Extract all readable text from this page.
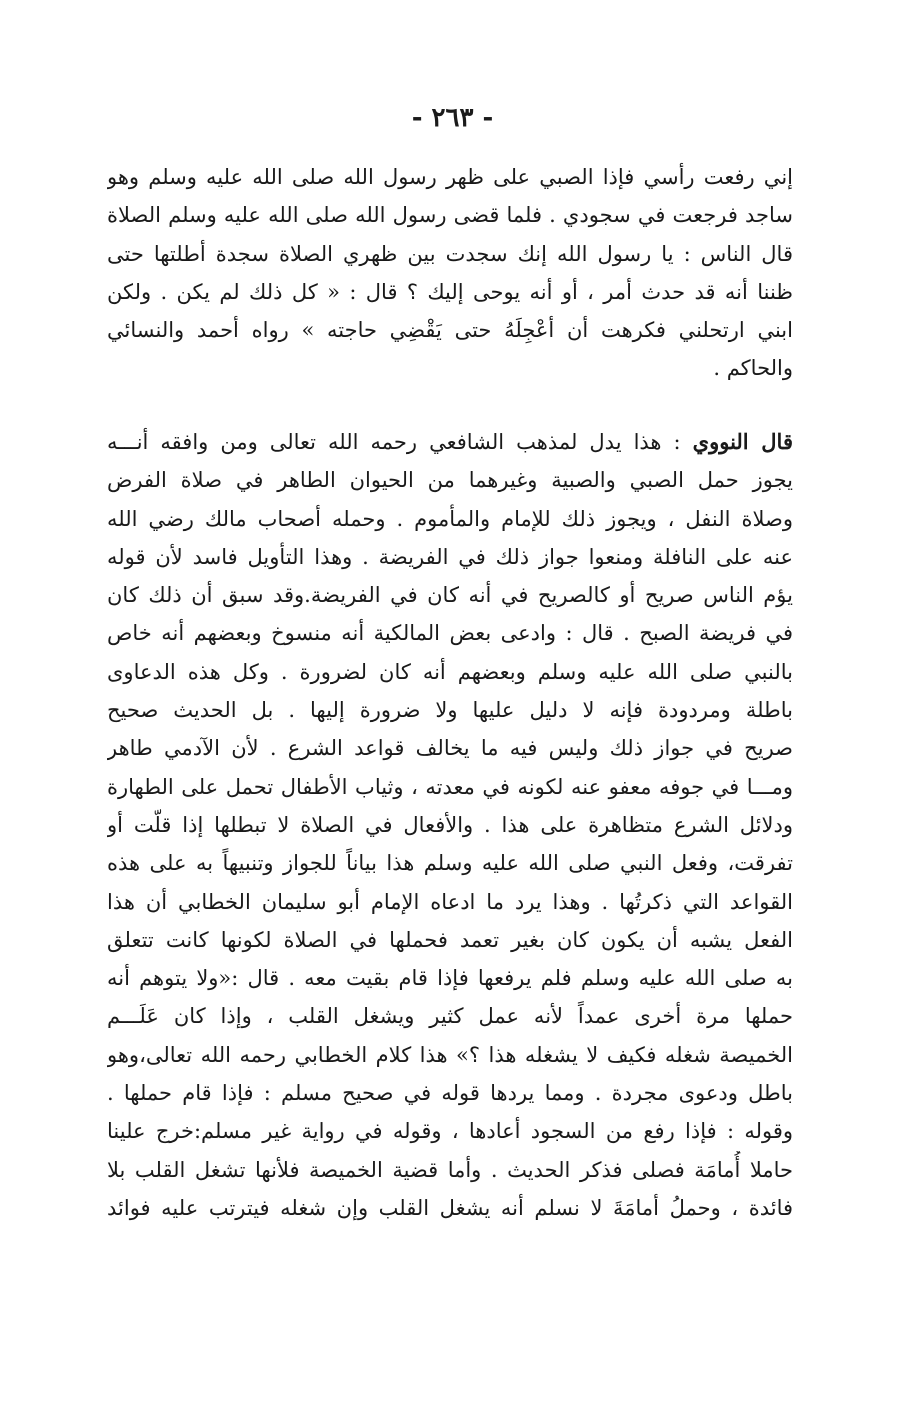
- ٢٦٣ -
إني رفعت رأسي فإذا الصبي على ظهر رسول الله صلى الله عليه وسلم وهو
ساجد فرجعت في سجودي . فلما قضى رسول الله صلى الله عليه وسلم الصلاة
قال الناس : يا رسول الله إنك سجدت بين ظهري الصلاة سجدة أطلتها حتى
ظننا أنه قد حدث أمر ، أو أنه يوحى إليك ؟ قال : « كل ذلك لم يكن . ولكن
ابني ارتحلني فكرهت أن أعْجِلَهُ حتى يَقْضِي حاجته » رواه أحمد والنسائي
والحاكم .
قال النووي : هذا يدل لمذهب الشافعي رحمه الله تعالى ومن وافقه أنـــه
يجوز حمل الصبي والصبية وغيرهما من الحيوان الطاهر في صلاة الفرض
وصلاة النفل ، ويجوز ذلك للإمام والمأموم . وحمله أصحاب مالك رضي الله
عنه على النافلة ومنعوا جواز ذلك في الفريضة . وهذا التأويل فاسد لأن قوله
يؤم الناس صريح أو كالصريح في أنه كان في الفريضة.وقد سبق أن ذلك كان
في فريضة الصبح . قال : وادعى بعض المالكية أنه منسوخ وبعضهم أنه خاص
بالنبي صلى الله عليه وسلم وبعضهم أنه كان لضرورة . وكل هذه الدعاوى
باطلة ومردودة فإنه لا دليل عليها ولا ضرورة إليها . بل الحديث صحيح
صريح في جواز ذلك وليس فيه ما يخالف قواعد الشرع . لأن الآدمي طاهر
ومـــا في جوفه معفو عنه لكونه في معدته ، وثياب الأطفال تحمل على الطهارة
ودلائل الشرع متظاهرة على هذا . والأفعال في الصلاة لا تبطلها إذا قلّت أو
تفرقت، وفعل النبي صلى الله عليه وسلم هذا بياناً للجواز وتنبيهاً به على هذه
القواعد التي ذكرتُها . وهذا يرد ما ادعاه الإمام أبو سليمان الخطابي أن هذا
الفعل يشبه أن يكون كان بغير تعمد فحملها في الصلاة لكونها كانت تتعلق
به صلى الله عليه وسلم فلم يرفعها فإذا قام بقيت معه . قال :«ولا يتوهم أنه
حملها مرة أخرى عمداً لأنه عمل كثير ويشغل القلب ، وإذا كان عَلَـــم
الخميصة شغله فكيف لا يشغله هذا ؟» هذا كلام الخطابي رحمه الله تعالى،وهو
باطل ودعوى مجردة . ومما يردها قوله في صحيح مسلم : فإذا قام حملها .
وقوله : فإذا رفع من السجود أعادها ، وقوله في رواية غير مسلم:خرج علينا
حاملا أُمامَة فصلى فذكر الحديث . وأما قضية الخميصة فلأنها تشغل القلب بلا
فائدة ، وحملُ أمامَةَ لا نسلم أنه يشغل القلب وإن شغله فيترتب عليه فوائد
